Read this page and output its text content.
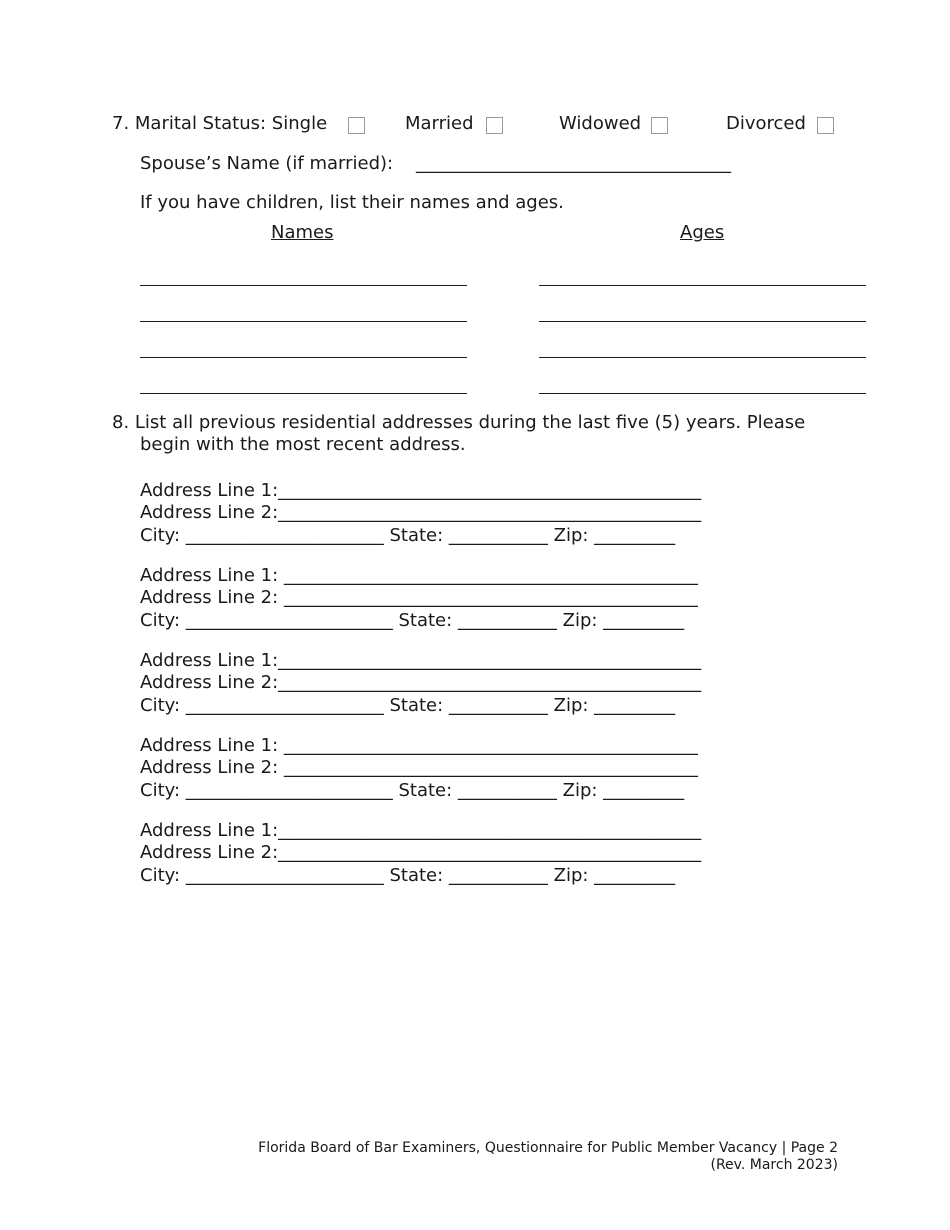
7. Marital Status: Single	Married	Widowed	Divorced
Spouse’s Name (if married): ___________________________________
If you have children, list their names and ages.
Names	Ages
8. List all previous residential addresses during the last five (5) years. Please
begin with the most recent address.
Address Line 1:_______________________________________________
Address Line 2:_______________________________________________
City: ______________________ State: ___________ Zip: _________
Address Line 1: ______________________________________________
Address Line 2: ______________________________________________
City: _______________________ State: ___________ Zip: _________
Address Line 1:_______________________________________________
Address Line 2:_______________________________________________
City: ______________________ State: ___________ Zip: _________
Address Line 1: ______________________________________________
Address Line 2: ______________________________________________
City: _______________________ State: ___________ Zip: _________
Address Line 1:_______________________________________________
Address Line 2:_______________________________________________
City: ______________________ State: ___________ Zip: _________
Florida Board of Bar Examiners, Questionnaire for Public Member Vacancy | Page 2
(Rev. March 2023)
